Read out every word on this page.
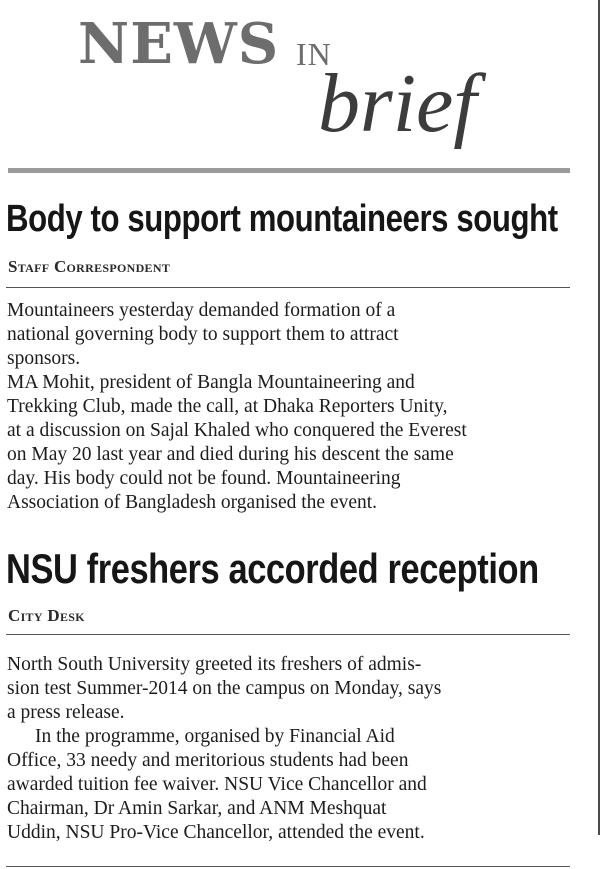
NEWS IN
brief
Body to support mountaineers sought
Staff Correspondent

Mountaineers yesterday demanded formation of a

national governing body to support them to attract

sponsors.

MA Mohit, president of Bangla Mountaineering and

Trekking Club, made the call, at Dhaka Reporters Unity,

at a discussion on Sajal Khaled who conquered the Everest

on May 20 last year and died during his descent the same

day. His body could not be found. Mountaineering

Association of Bangladesh organised the event.

NSU freshers accorded reception
City Desk

North South University greeted its freshers of admis-

sion test Summer-2014 on the campus on Monday, says

a press release.

In the programme, organised by Financial Aid

Office, 33 needy and meritorious students had been

awarded tuition fee waiver. NSU Vice Chancellor and

Chairman, Dr Amin Sarkar, and ANM Meshquat

Uddin, NSU Pro-Vice Chancellor, attended the event.
